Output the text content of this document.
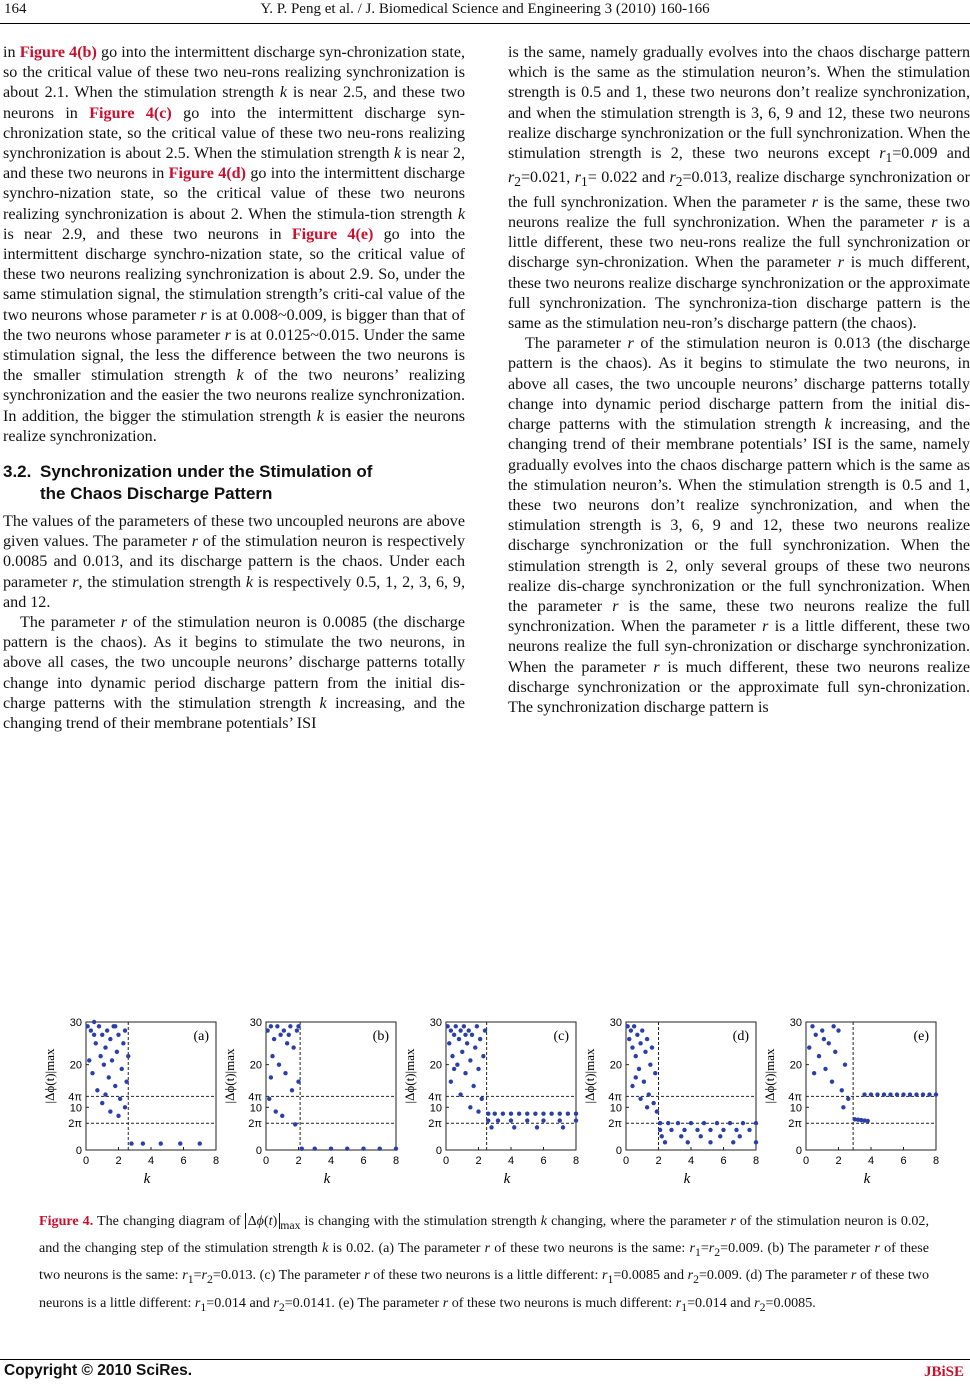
164	Y. P. Peng et al. / J. Biomedical Science and Engineering 3 (2010) 160-166

in Figure 4(b) go into the intermittent discharge syn-chronization state, so the critical value of these two neu-rons realizing synchronization is about 2.1. When the stimulation strength k is near 2.5, and these two neurons in Figure 4(c) go into the intermittent discharge syn-chronization state, so the critical value of these two neu-rons realizing synchronization is about 2.5. When the stimulation strength k is near 2, and these two neurons in Figure 4(d) go into the intermittent discharge synchro-nization state, so the critical value of these two neurons realizing synchronization is about 2. When the stimula-tion strength k is near 2.9, and these two neurons in Figure 4(e) go into the intermittent discharge synchro-nization state, so the critical value of these two neurons realizing synchronization is about 2.9. So, under the same stimulation signal, the stimulation strength’s criti-cal value of the two neurons whose parameter r is at 0.008~0.009, is bigger than that of the two neurons whose parameter r is at 0.0125~0.015. Under the same stimulation signal, the less the difference between the two neurons is the smaller stimulation strength k of the two neurons’ realizing synchronization and the easier the two neurons realize synchronization. In addition, the bigger the stimulation strength k is easier the neurons realize synchronization.

3.2. Synchronization under the Stimulation of
the Chaos Discharge Pattern

The values of the parameters of these two uncoupled neurons are above given values. The parameter r of the stimulation neuron is respectively 0.0085 and 0.013, and its discharge pattern is the chaos. Under each parameter r, the stimulation strength k is respectively 0.5, 1, 2, 3, 6, 9, and 12.

The parameter r of the stimulation neuron is 0.0085 (the discharge pattern is the chaos). As it begins to stimulate the two neurons, in above all cases, the two uncouple neurons’ discharge patterns totally change into dynamic period discharge pattern from the initial dis-charge patterns with the stimulation strength k increasing, and the changing trend of their membrane potentials’ ISI

is the same, namely gradually evolves into the chaos discharge pattern which is the same as the stimulation neuron’s. When the stimulation strength is 0.5 and 1, these two neurons don’t realize synchronization, and when the stimulation strength is 3, 6, 9 and 12, these two neurons realize discharge synchronization or the full synchronization. When the stimulation strength is 2, these two neurons except $r_1=0.009$ and $r_2=0.021$, $r_1= 0.022$ and $r_2=0.013$, realize discharge synchronization or the full synchronization. When the parameter r is the same, these two neurons realize the full synchronization. When the parameter r is a little different, these two neu-rons realize the full synchronization or discharge syn-chronization. When the parameter r is much different, these two neurons realize discharge synchronization or the approximate full synchronization. The synchroniza-tion discharge pattern is the same as the stimulation neu-ron’s discharge pattern (the chaos).

The parameter r of the stimulation neuron is 0.013 (the discharge pattern is the chaos). As it begins to stimulate the two neurons, in above all cases, the two uncouple neurons’ discharge patterns totally change into dynamic period discharge pattern from the initial dis-charge patterns with the stimulation strength k increasing, and the changing trend of their membrane potentials’ ISI is the same, namely gradually evolves into the chaos discharge pattern which is the same as the stimulation neuron’s. When the stimulation strength is 0.5 and 1, these two neurons don’t realize synchronization, and when the stimulation strength is 3, 6, 9 and 12, these two neurons realize discharge synchronization or the full synchronization. When the stimulation strength is 2, only several groups of these two neurons realize dis-charge synchronization or the full synchronization. When the parameter r is the same, these two neurons realize the full synchronization. When the parameter r is a little different, these two neurons realize the full syn-chronization or discharge synchronization. When the parameter r is much different, these two neurons realize discharge synchronization or the approximate full syn-chronization. The synchronization discharge pattern is

0 2 4 6 8
0
10
20
30
2π
4π
|Δϕ(t)|max
k
(a)
0 2 4 6 8
0
10
20
30
2π
4π
|Δϕ(t)|max
k
(b)
0 2 4 6 8
0
10
20
30
2π
4π
|Δϕ(t)|max
k
(c)
0 2 4 6 8
0
10
20
30
2π
4π
|Δϕ(t)|max
k
(d)
0 2 4 6 8
0
10
20
30
2π
4π
|Δϕ(t)|max
k
(e)
Figure 4. The changing diagram of Δϕ(t) $_{max}$ is changing with the stimulation strength k changing, where the parameter r of the stimulation neuron is 0.02, and the changing step of the stimulation strength k is 0.02. (a) The parameter r of these two neurons is the same: $r_1=r_2=0.009$. (b) The parameter r of these two neurons is the same: $r_1=r_2=0.013$. (c) The parameter r of these two neurons is a little different: $r_1=0.0085$ and $r_2=0.009$. (d) The parameter r of these two neurons is a little different: $r_1=0.014$ and $r_2=0.0141$. (e) The parameter r of these two neurons is much different: $r_1=0.014$ and $r_2=0.0085$.
Copyright © 2010 SciRes.	JBiSE
